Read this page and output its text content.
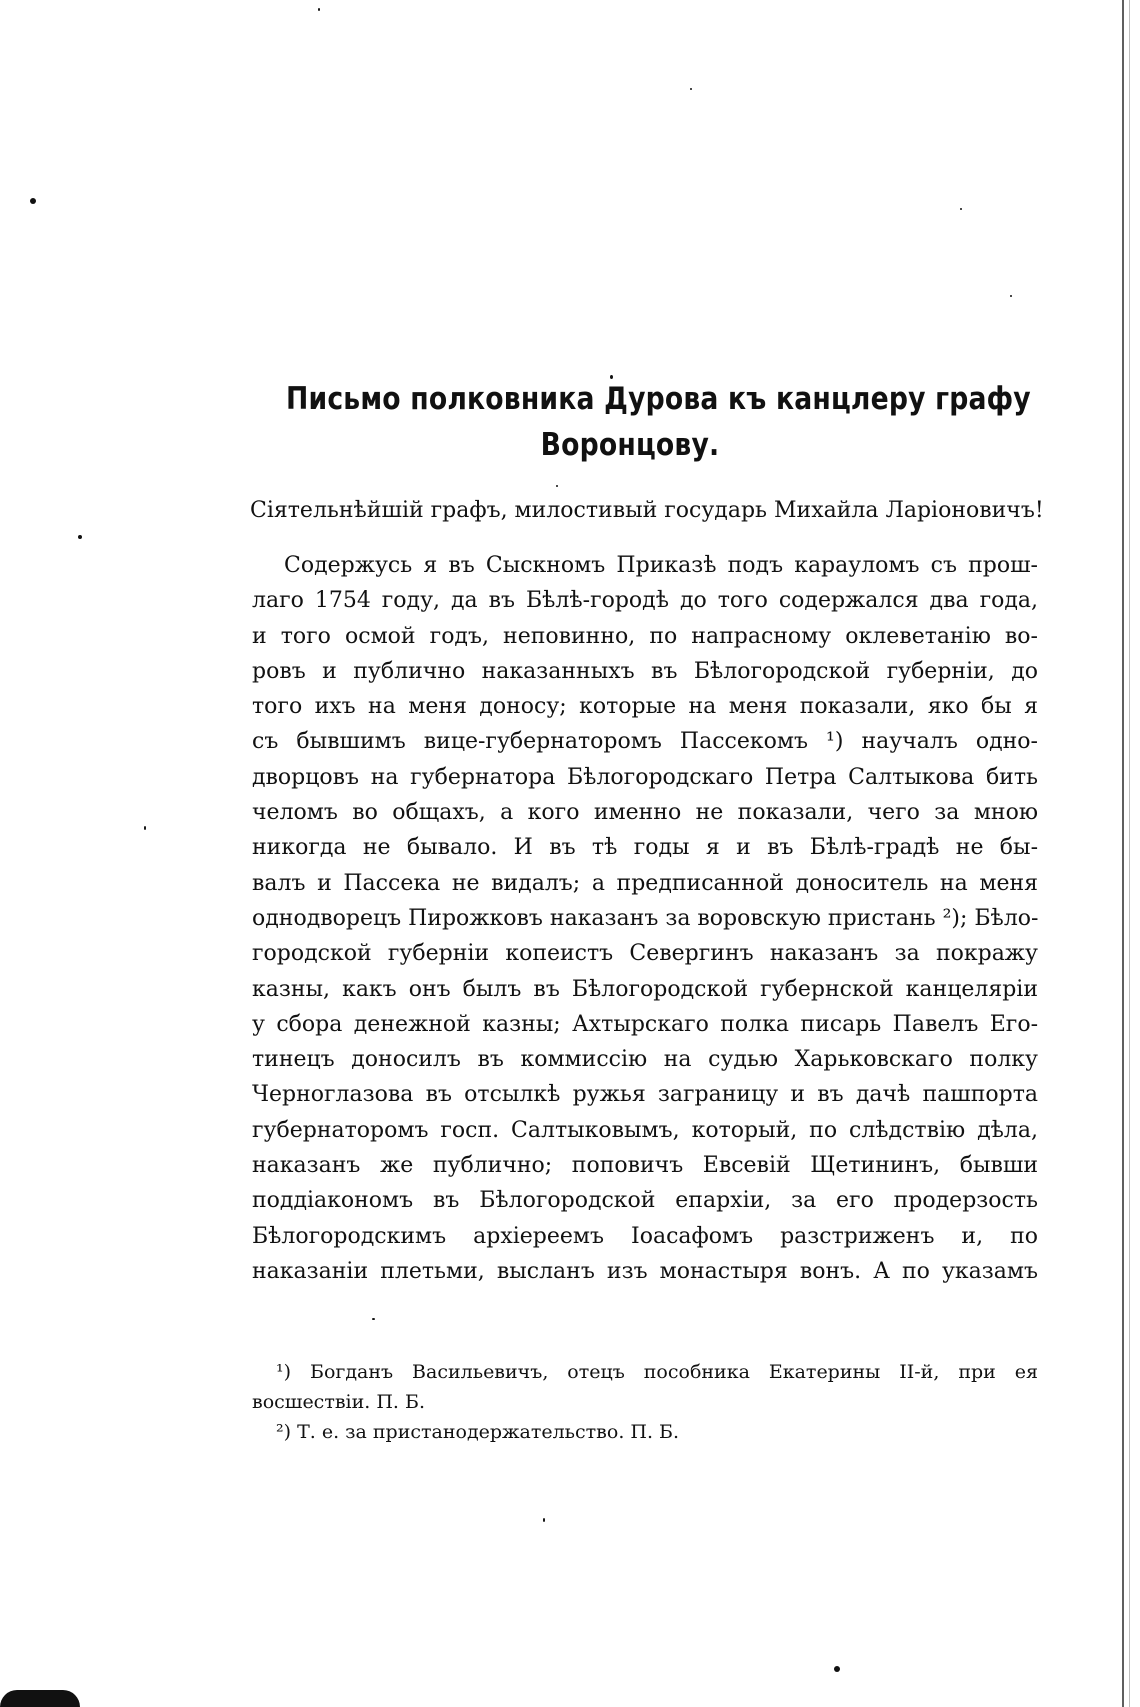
Письмо полковника Дурова къ канцлеру графу
Воронцову.
Сіятельнѣйшій графъ, милостивый государь Михайла Ларіоновичъ!
Содержусь я въ Сыскномъ Приказѣ подъ карауломъ съ прош-
лаго 1754 году, да въ Бѣлѣ-городѣ до того содержался два года,
и того осмой годъ, неповинно, по напрасному оклеветанію во-
ровъ и публично наказанныхъ въ Бѣлогородской губерніи, до
того ихъ на меня доносу; которые на меня показали, яко бы я
съ бывшимъ вице-губернаторомъ Пассекомъ ¹) научалъ одно-
дворцовъ на губернатора Бѣлогородскаго Петра Салтыкова бить
челомъ во общахъ, а кого именно не показали, чего за мною
никогда не бывало. И въ тѣ годы я и въ Бѣлѣ-градѣ не бы-
валъ и Пассека не видалъ; а предписанной доноситель на меня
однодворецъ Пирожковъ наказанъ за воровскую пристань ²); Бѣло-
городской губерніи копеистъ Севергинъ наказанъ за покражу
казны, какъ онъ былъ въ Бѣлогородской губернской канцеляріи
у сбора денежной казны; Ахтырскаго полка писарь Павелъ Его-
тинецъ доносилъ въ коммиссію на судью Харьковскаго полку
Черноглазова въ отсылкѣ ружья заграницу и въ дачѣ пашпорта
губернаторомъ госп. Салтыковымъ, который, по слѣдствію дѣла,
наказанъ же публично; поповичъ Евсевій Щетининъ, бывши
поддіакономъ въ Бѣлогородской епархіи, за его продерзость
Бѣлогородскимъ архіереемъ Іоасафомъ разстриженъ и, по
наказаніи плетьми, высланъ изъ монастыря вонъ. А по указамъ
¹) Богданъ Васильевичъ, отецъ пособника Екатерины II-й, при ея
восшествіи. П. Б.
²) Т. е. за пристанодержательство. П. Б.
